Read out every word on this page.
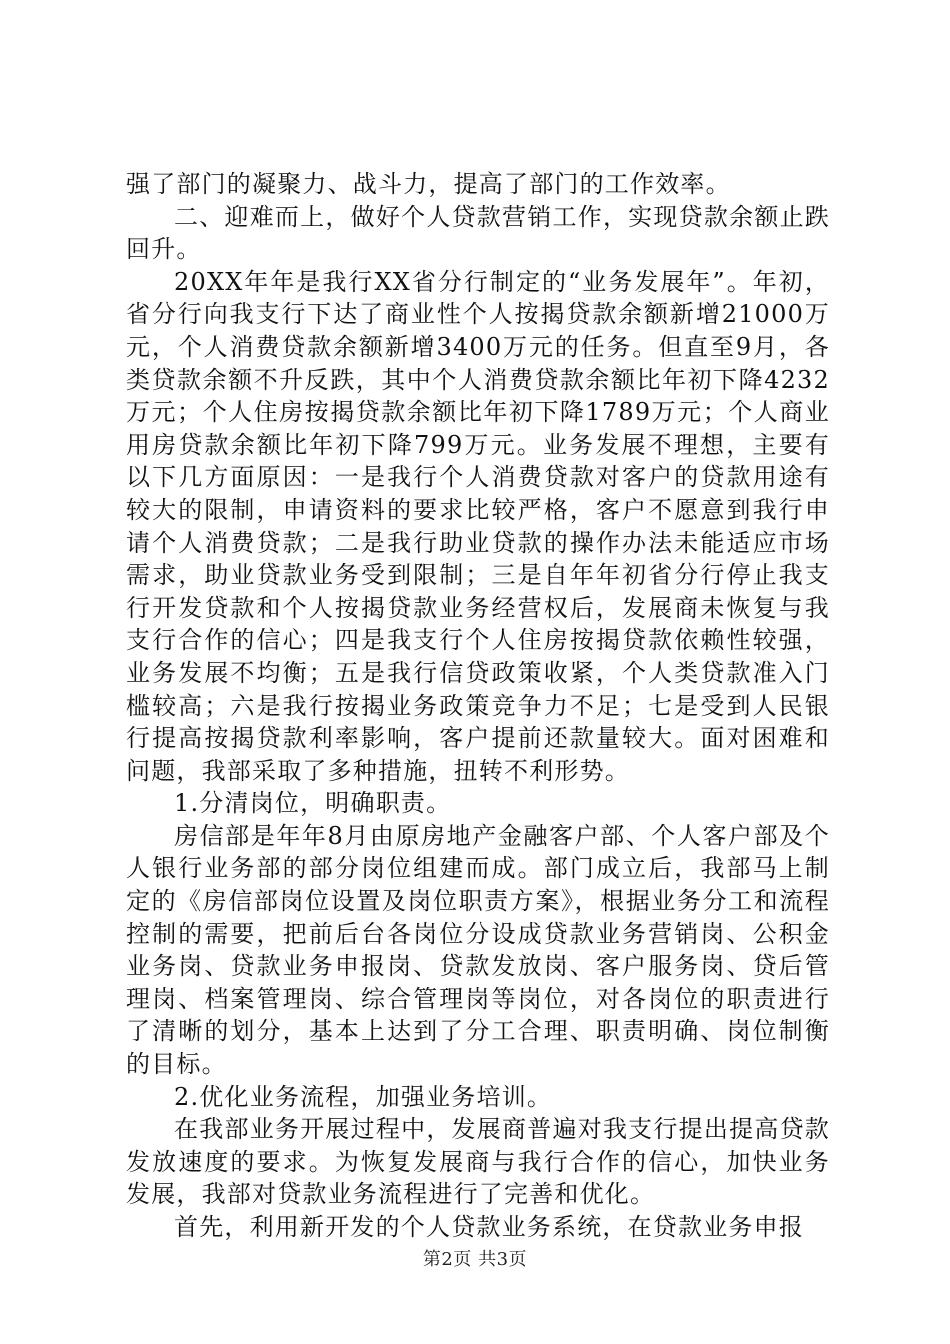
强了部门的凝聚力、战斗力，提高了部门的工作效率。

二、迎难而上，做好个人贷款营销工作，实现贷款余额止跌回升。

20XX年年是我行XX省分行制定的“业务发展年”。年初，省分行向我支行下达了商业性个人按揭贷款余额新增21000万元，个人消费贷款余额新增3400万元的任务。但直至9月，各类贷款余额不升反跌，其中个人消费贷款余额比年初下降4232万元；个人住房按揭贷款余额比年初下降1789万元；个人商业用房贷款余额比年初下降799万元。业务发展不理想，主要有以下几方面原因：一是我行个人消费贷款对客户的贷款用途有较大的限制，申请资料的要求比较严格，客户不愿意到我行申请个人消费贷款；二是我行助业贷款的操作办法未能适应市场需求，助业贷款业务受到限制；三是自年年初省分行停止我支行开发贷款和个人按揭贷款业务经营权后，发展商未恢复与我支行合作的信心；四是我支行个人住房按揭贷款依赖性较强，业务发展不均衡；五是我行信贷政策收紧，个人类贷款准入门槛较高；六是我行按揭业务政策竞争力不足；七是受到人民银行提高按揭贷款利率影响，客户提前还款量较大。面对困难和问题，我部采取了多种措施，扭转不利形势。

1.分清岗位，明确职责。

房信部是年年8月由原房地产金融客户部、个人客户部及个人银行业务部的部分岗位组建而成。部门成立后，我部马上制定的《房信部岗位设置及岗位职责方案》，根据业务分工和流程控制的需要，把前后台各岗位分设成贷款业务营销岗、公积金业务岗、贷款业务申报岗、贷款发放岗、客户服务岗、贷后管理岗、档案管理岗、综合管理岗等岗位，对各岗位的职责进行了清晰的划分，基本上达到了分工合理、职责明确、岗位制衡的目标。

2.优化业务流程，加强业务培训。

在我部业务开展过程中，发展商普遍对我支行提出提高贷款发放速度的要求。为恢复发展商与我行合作的信心，加快业务发展，我部对贷款业务流程进行了完善和优化。

首先，利用新开发的个人贷款业务系统，在贷款业务申报

第2页 共3页
